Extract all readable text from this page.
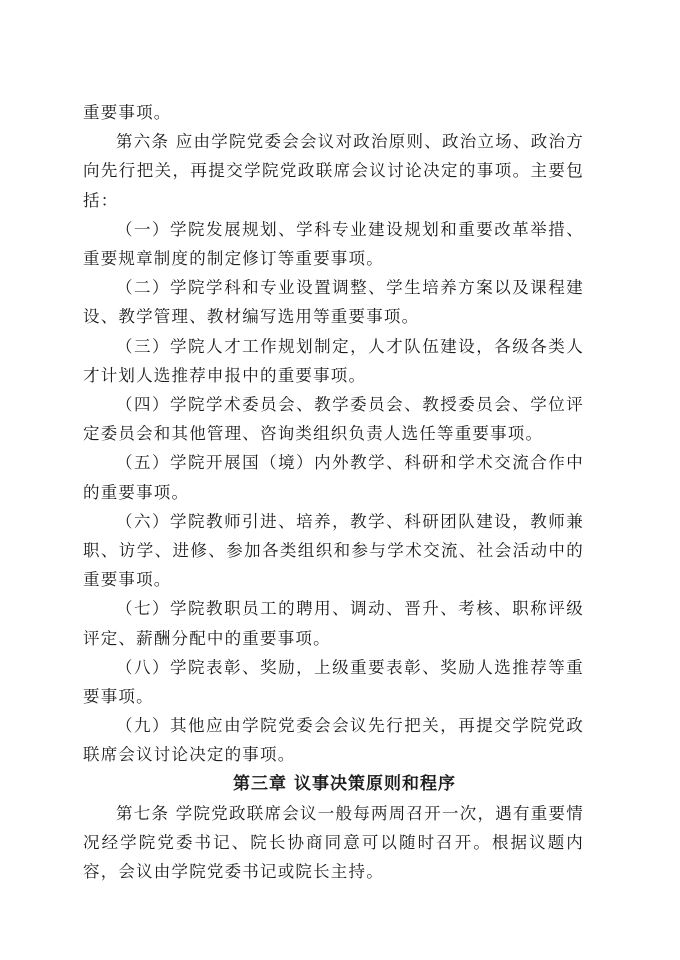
重要事项。

第六条 应由学院党委会会议对政治原则、政治立场、政治方向先行把关，再提交学院党政联席会议讨论决定的事项。主要包括：

（一）学院发展规划、学科专业建设规划和重要改革举措、重要规章制度的制定修订等重要事项。

（二）学院学科和专业设置调整、学生培养方案以及课程建设、教学管理、教材编写选用等重要事项。

（三）学院人才工作规划制定，人才队伍建设，各级各类人才计划人选推荐申报中的重要事项。

（四）学院学术委员会、教学委员会、教授委员会、学位评定委员会和其他管理、咨询类组织负责人选任等重要事项。

（五）学院开展国（境）内外教学、科研和学术交流合作中的重要事项。

（六）学院教师引进、培养，教学、科研团队建设，教师兼职、访学、进修、参加各类组织和参与学术交流、社会活动中的重要事项。

（七）学院教职员工的聘用、调动、晋升、考核、职称评级评定、薪酬分配中的重要事项。

（八）学院表彰、奖励，上级重要表彰、奖励人选推荐等重要事项。

（九）其他应由学院党委会会议先行把关，再提交学院党政联席会议讨论决定的事项。

第三章 议事决策原则和程序

第七条 学院党政联席会议一般每两周召开一次，遇有重要情况经学院党委书记、院长协商同意可以随时召开。根据议题内容，会议由学院党委书记或院长主持。
